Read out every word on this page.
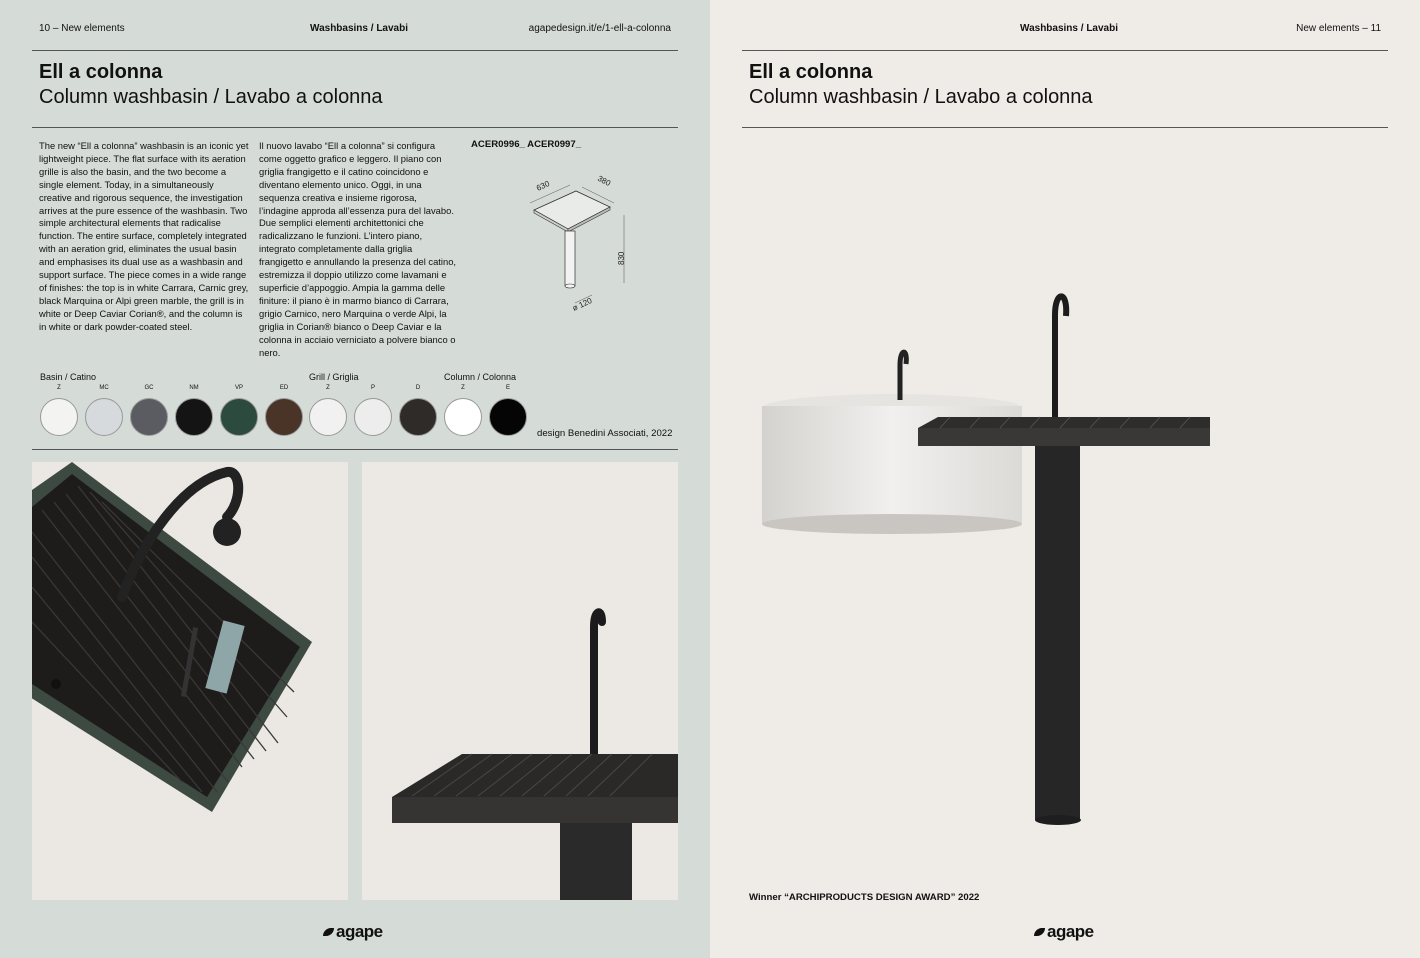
10 – New elements	Washbasins / Lavabi	agapedesign.it/e/1-ell-a-colonna
Ell a colonna
Column washbasin / Lavabo a colonna

The new “Ell a colonna” washbasin is an iconic yet lightweight piece. The flat surface with its aeration grille is also the basin, and the two become a single element. Today, in a simultaneously creative and rigorous sequence, the investigation arrives at the pure essence of the washbasin. Two simple architectural elements that radicalise function. The entire surface, completely integrated with an aeration grid, eliminates the usual basin and emphasises its dual use as a washbasin and support surface. The piece comes in a wide range of finishes: the top is in white Carrara, Carnic grey, black Marquina or Alpi green marble, the grill is in white or Deep Caviar Corian®, and the column is in white or dark powder-coated steel.

Il nuovo lavabo “Ell a colonna” si configura come oggetto grafico e leggero. Il piano con griglia frangigetto e il catino coincidono e diventano elemento unico. Oggi, in una sequenza creativa e insieme rigorosa, l’indagine approda all’essenza pura del lavabo. Due semplici elementi architettonici che radicalizzano le funzioni. L’intero piano, integrato completamente dalla griglia frangigetto e annullando la presenza del catino, estremizza il doppio utilizzo come lavamani e superficie d’appoggio. Ampia la gamma delle finiture: il piano è in marmo bianco di Carrara, grigio Carnico, nero Marquina o verde Alpi, la griglia in Corian® bianco o Deep Caviar e la colonna in acciaio verniciato a polvere bianco o nero.

ACER0996_ ACER0997_
630	380
830
ø 120
Basin / Catino	Grill / Griglia	Column / Colonna
Z	MC	GC	NM	VP	ED	Z	P	D	Z	E
design Benedini Associati, 2022
agape
Washbasins / Lavabi	New elements – 11
Ell a colonna
Column washbasin / Lavabo a colonna
Winner “ARCHIPRODUCTS DESIGN AWARD” 2022
agape
